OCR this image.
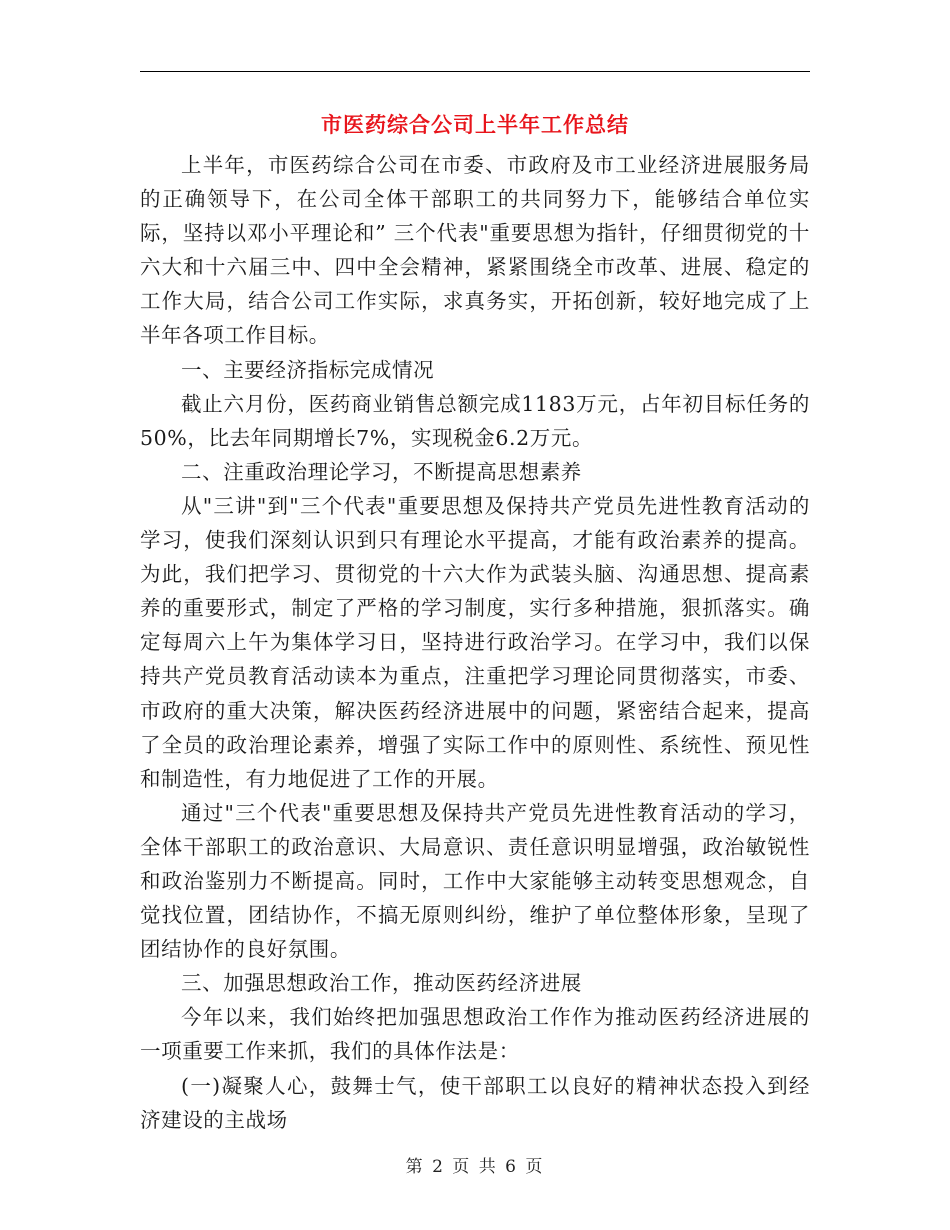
市医药综合公司上半年工作总结

上半年，市医药综合公司在市委、市政府及市工业经济进展服务局的正确领导下，在公司全体干部职工的共同努力下，能够结合单位实际，坚持以邓小平理论和” 三个代表"重要思想为指针，仔细贯彻党的十六大和十六届三中、四中全会精神，紧紧围绕全市改革、进展、稳定的工作大局，结合公司工作实际，求真务实，开拓创新，较好地完成了上半年各项工作目标。

一、主要经济指标完成情况

截止六月份，医药商业销售总额完成1183万元，占年初目标任务的50%，比去年同期增长7%，实现税金6.2万元。

二、注重政治理论学习，不断提高思想素养

从"三讲"到"三个代表"重要思想及保持共产党员先进性教育活动的学习，使我们深刻认识到只有理论水平提高，才能有政治素养的提高。为此，我们把学习、贯彻党的十六大作为武装头脑、沟通思想、提高素养的重要形式，制定了严格的学习制度，实行多种措施，狠抓落实。确定每周六上午为集体学习日，坚持进行政治学习。在学习中，我们以保持共产党员教育活动读本为重点，注重把学习理论同贯彻落实，市委、市政府的重大决策，解决医药经济进展中的问题，紧密结合起来，提高了全员的政治理论素养，增强了实际工作中的原则性、系统性、预见性和制造性，有力地促进了工作的开展。

通过"三个代表"重要思想及保持共产党员先进性教育活动的学习，全体干部职工的政治意识、大局意识、责任意识明显增强，政治敏锐性和政治鉴别力不断提高。同时，工作中大家能够主动转变思想观念，自觉找位置，团结协作，不搞无原则纠纷，维护了单位整体形象，呈现了团结协作的良好氛围。

三、加强思想政治工作，推动医药经济进展

今年以来，我们始终把加强思想政治工作作为推动医药经济进展的一项重要工作来抓，我们的具体作法是：

(一)凝聚人心，鼓舞士气，使干部职工以良好的精神状态投入到经济建设的主战场

第 2 页 共 6 页
